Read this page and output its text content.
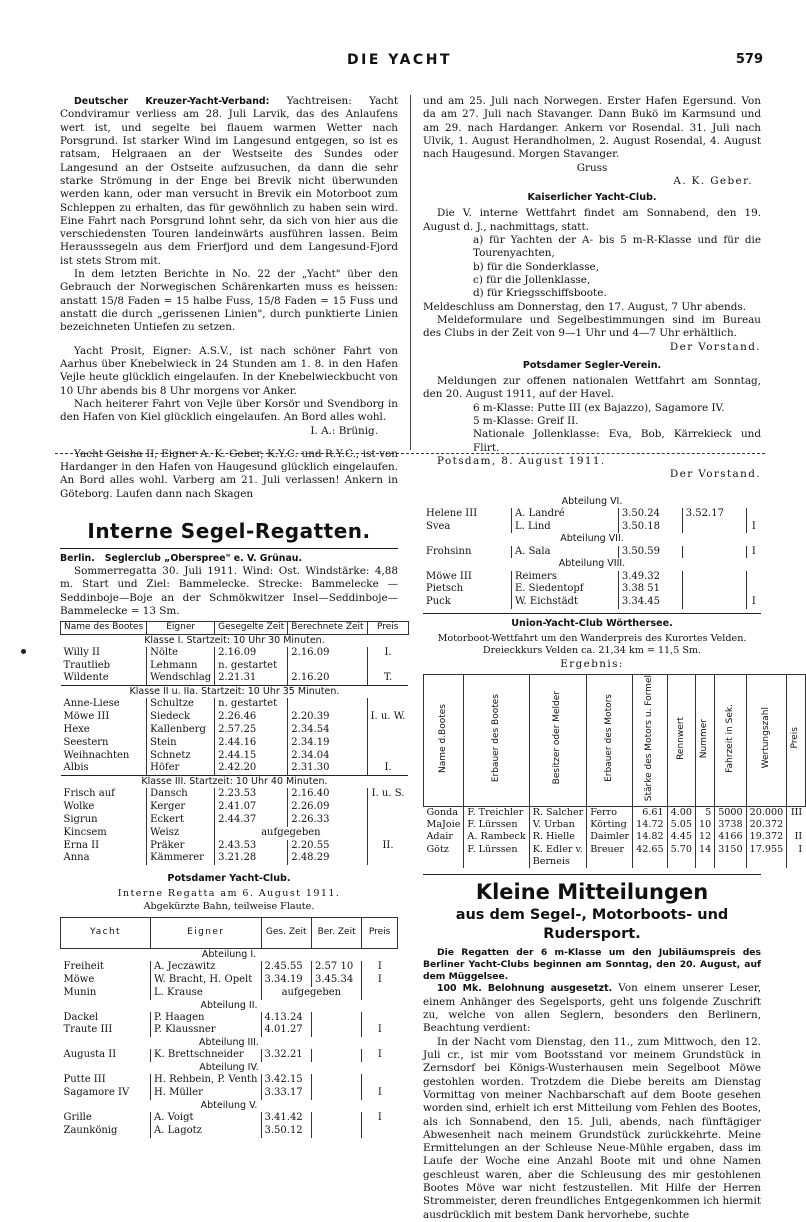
DIE YACHT	579

Deutscher Kreuzer-Yacht-Verband: Yachtreisen: Yacht Condviramur verliess am 28. Juli Larvik, das des Anlaufens wert ist, und segelte bei flauem warmen Wetter nach Porsgrund. Ist starker Wind im Langesund entgegen, so ist es ratsam, Helgraaen an der Westseite des Sundes oder Langesund an der Ostseite aufzusuchen, da dann die sehr starke Strömung in der Enge bei Brevik nicht überwunden werden kann, oder man versucht in Brevik ein Motorboot zum Schleppen zu erhalten, das für gewöhnlich zu haben sein wird. Eine Fahrt nach Porsgrund lohnt sehr, da sich von hier aus die verschiedensten Touren landeinwärts ausführen lassen. Beim Herausssegeln aus dem Frierfjord und dem Langesund-Fjord ist stets Strom mit.

In dem letzten Berichte in No. 22 der „Yacht" über den Gebrauch der Norwegischen Schärenkarten muss es heissen: anstatt 15/8 Faden = 15 halbe Fuss, 15/8 Faden = 15 Fuss und anstatt die durch „gerissenen Linien", durch punktierte Linien bezeichneten Untiefen zu setzen.

Yacht Prosit, Eigner: A.S.V., ist nach schöner Fahrt von Aarhus über Knebelwieck in 24 Stunden am 1. 8. in den Hafen Vejle heute glücklich eingelaufen. In der Knebelwieckbucht von 10 Uhr abends bis 8 Uhr morgens vor Anker.

Nach heiterer Fahrt von Vejle über Korsör und Svendborg in den Hafen von Kiel glücklich eingelaufen. An Bord alles wohl.

I. A.: Brünig.

Yacht Geisha II, Eigner A. K. Geber, K.Y.C. und R.Y.C., ist von Hardanger in den Hafen von Haugesund glücklich eingelaufen. An Bord alles wohl. Varberg am 21. Juli verlassen! Ankern in Göteborg. Laufen dann nach Skagen

Interne Segel-Regatten.

Berlin. Seglerclub „Oberspree" e. V. Grünau.

Sommerregatta 30. Juli 1911. Wind: Ost. Windstärke: 4,88 m. Start und Ziel: Bammelecke. Strecke: Bammelecke —Seddinboje—Boje an der Schmökwitzer Insel—Seddinboje— Bammelecke = 13 Sm.

Name des Bootes	Eigner	Gesegelte Zeit	Berechnete Zeit	Preis
Klasse I. Startzeit: 10 Uhr 30 Minuten.				
Willy II	Nölte	2.16.09	2.16.09	I.
Trautlieb	Lehmann	n. gestartet		
Wildente	Wendschlag	2.21.31	2.16.20	T.
Klasse II u. IIa. Startzeit: 10 Uhr 35 Minuten.				
Anne-Liese	Schultze	n. gestartet		
Möwe III	Siedeck	2.26.46	2.20.39	I. u. W.
Hexe	Kallenberg	2.57.25	2.34.54	
Seestern	Stein	2.44.16	2.34.19	
Weihnachten	Schnetz	2.44.15	2.34.04	
Albis	Höfer	2.42.20	2.31.30	I.
Klasse III. Startzeit: 10 Uhr 40 Minuten.				
Frisch auf	Dansch	2.23.53	2.16.40	I. u. S.
Wolke	Kerger	2.41.07	2.26.09	
Sigrun	Eckert	2.44.37	2.26.33	
Kincsem	Weisz	aufgegeben		
Erna II	Präker	2.43.53	2.20.55	II.
Anna	Kämmerer	3.21.28	2.48.29	
Potsdamer Yacht-Club.

Interne Regatta am 6. August 1911.

Abgekürzte Bahn, teilweise Flaute.

Yacht	Eigner	Ges. Zeit	Ber. Zeit	Preis
Abteilung I.				
Freiheit	A. Jeczawitz	2.45.55	2.57 10	I
Möwe	W. Bracht, H. Opelt	3.34.19	3.45.34	I
Munin	L. Krause	aufgegeben		
Abteilung II.				
Dackel	P. Haagen	4.13.24		
Traute III	P. Klaussner	4.01.27		I
Abteilung III.				
Augusta II	K. Brettschneider	3.32.21		I
Abteilung IV.				
Putte III	H. Rehbein, P. Venth	3.42.15		
Sagamore IV	H. Müller	3.33.17		I
Abteilung V.				
Grille	A. Voigt	3.41.42		I
Zaunkönig	A. Lagotz	3.50.12		

und am 25. Juli nach Norwegen. Erster Hafen Egersund. Von da am 27. Juli nach Stavanger. Dann Bukö im Karmsund und am 29. nach Hardanger. Ankern vor Rosendal. 31. Juli nach Ulvik, 1. August Herandholmen, 2. August Rosendal, 4. August nach Haugesund. Morgen Stavanger.

Gruss

A. K. Geber.

Kaiserlicher Yacht-Club.

Die V. interne Wettfahrt findet am Sonnabend, den 19. August d. J., nachmittags, statt.

a) für Yachten der A- bis 5 m-R-Klasse und für die Tourenyachten,

b) für die Sonderklasse,

c) für die Jollenklasse,

d) für Kriegsschiffsboote.

Meldeschluss am Donnerstag, den 17. August, 7 Uhr abends.

Meldeformulare und Segelbestimmungen sind im Bureau des Clubs in der Zeit von 9—1 Uhr und 4—7 Uhr erhältlich.

Der Vorstand.

Potsdamer Segler-Verein.

Meldungen zur offenen nationalen Wettfahrt am Sonntag, den 20. August 1911, auf der Havel.

6 m-Klasse: Putte III (ex Bajazzo), Sagamore IV.

5 m-Klasse: Greif II.

Nationale Jollenklasse: Eva, Bob, Kärrekieck und Flirt.

Potsdam, 8. August 1911.

Der Vorstand.

Abteilung VI.				
Helene III	A. Landré	3.50.24	3.52.17	
Svea	L. Lind	3.50.18		I
Abteilung VII.				
Frohsinn	A. Sala	3.50.59		I
Abteilung VIII.				
Möwe III	Reimers	3.49.32		
Pietsch	E. Siedentopf	3.38 51		
Puck	W. Eichstädt	3.34.45		I
Union-Yacht-Club Wörthersee.

Motorboot-Wettfahrt um den Wanderpreis des Kurortes Velden.

Dreieckkurs Velden ca. 21,34 km = 11,5 Sm.

Ergebnis:

Name d.Bootes	Erbauer des Bootes	Besitzer oder Melder	Erbauer des Motors	Stärke des Motors u. Formel	Rennwert	Nummer	Fahrzeit in Sek.	Wertungszahl	Preis
Gonda	F. Treichler	R. Salcher	Ferro	6.61	4.00	5	5000	20.000	III
MaJoie	F. Lürssen	V. Urban	Körting	14.72	5.05	10	3738	20.372	
Adair	A. Rambeck	R. Hielle	Daimler	14.82	4.45	12	4166	19.372	II
Götz	F. Lürssen	K. Edler v. Berneis	Breuer	42.65	5.70	14	3150	17.955	I
Kleine Mitteilungen
aus dem Segel-, Motorboots- und Rudersport.

Die Regatten der 6 m-Klasse um den Jubiläumspreis des Berliner Yacht-Clubs beginnen am Sonntag, den 20. August, auf dem Müggelsee.

100 Mk. Belohnung ausgesetzt. Von einem unserer Leser, einem Anhänger des Segelsports, geht uns folgende Zuschrift zu, welche von allen Seglern, besonders den Berlinern, Beachtung verdient:

In der Nacht vom Dienstag, den 11., zum Mittwoch, den 12. Juli cr., ist mir vom Bootsstand vor meinem Grundstück in Zernsdorf bei Königs-Wusterhausen mein Segelboot Möwe gestohlen worden. Trotzdem die Diebe bereits am Dienstag Vormittag von meiner Nachbarschaft auf dem Boote gesehen worden sind, erhielt ich erst Mitteilung vom Fehlen des Bootes, als ich Sonnabend, den 15. Juli, abends, nach fünftägiger Abwesenheit nach meinem Grundstück zurückkehrte. Meine Ermittelungen an der Schleuse Neue-Mühle ergaben, dass im Laufe der Woche eine Anzahl Boote mit und ohne Namen geschleust waren, aber die Schleusung des mir gestohlenen Bootes Möve war nicht festzustellen. Mit Hilfe der Herren Strommeister, deren freundliches Entgegenkommen ich hiermit ausdrücklich mit bestem Dank hervorhebe, suchte
